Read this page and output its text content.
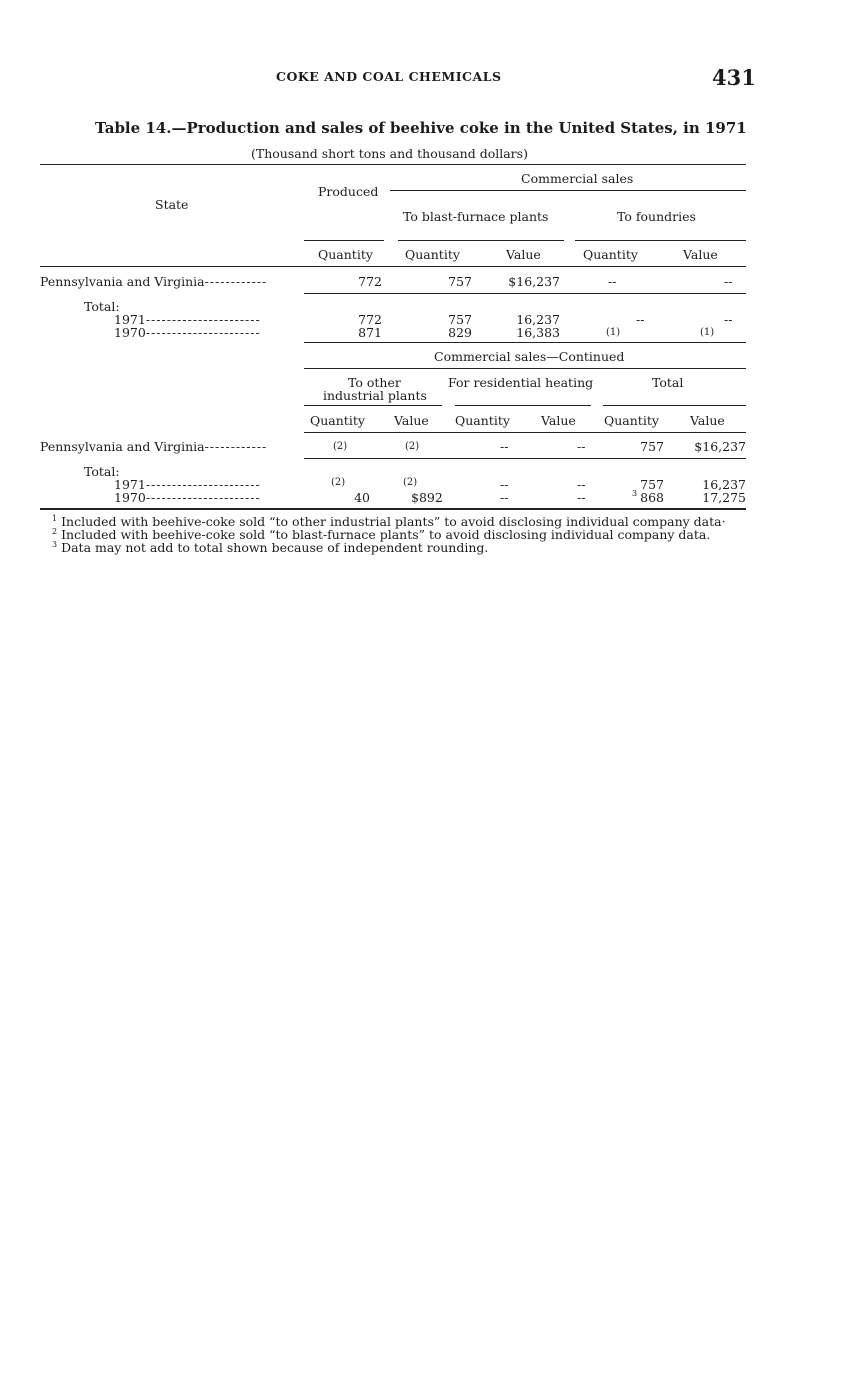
COKE AND COAL CHEMICALS	431
Table 14.—Production and sales of beehive coke in the United States, in 1971
(Thousand short tons and thousand dollars)
State
Produced
Commercial sales
To blast-furnace plants	To foundries
Quantity	Quantity	Value	Quantity	Value
Pennsylvania and Virginia------------	772	757	$16,237	--	--
Total:
1971----------------------	772	757	16,237	--	--
1970----------------------	871	829	16,383	(1)	(1)
Commercial sales—Continued
To other
industrial plants
For residential heating	Total
Quantity Value Quantity Value Quantity Value
Pennsylvania and Virginia------------	(2)	(2)	--	--	757	$16,237
Total:
1971----------------------	(2)	(2)	--	--	757	16,237
1970----------------------	40	$892	--	--	3 868	17,275
$^1$ Included with beehive-coke sold “to other industrial plants” to avoid disclosing individual company data·
$^2$ Included with beehive-coke sold “to blast-furnace plants” to avoid disclosing individual company data.
$^3$ Data may not add to total shown because of independent rounding.
